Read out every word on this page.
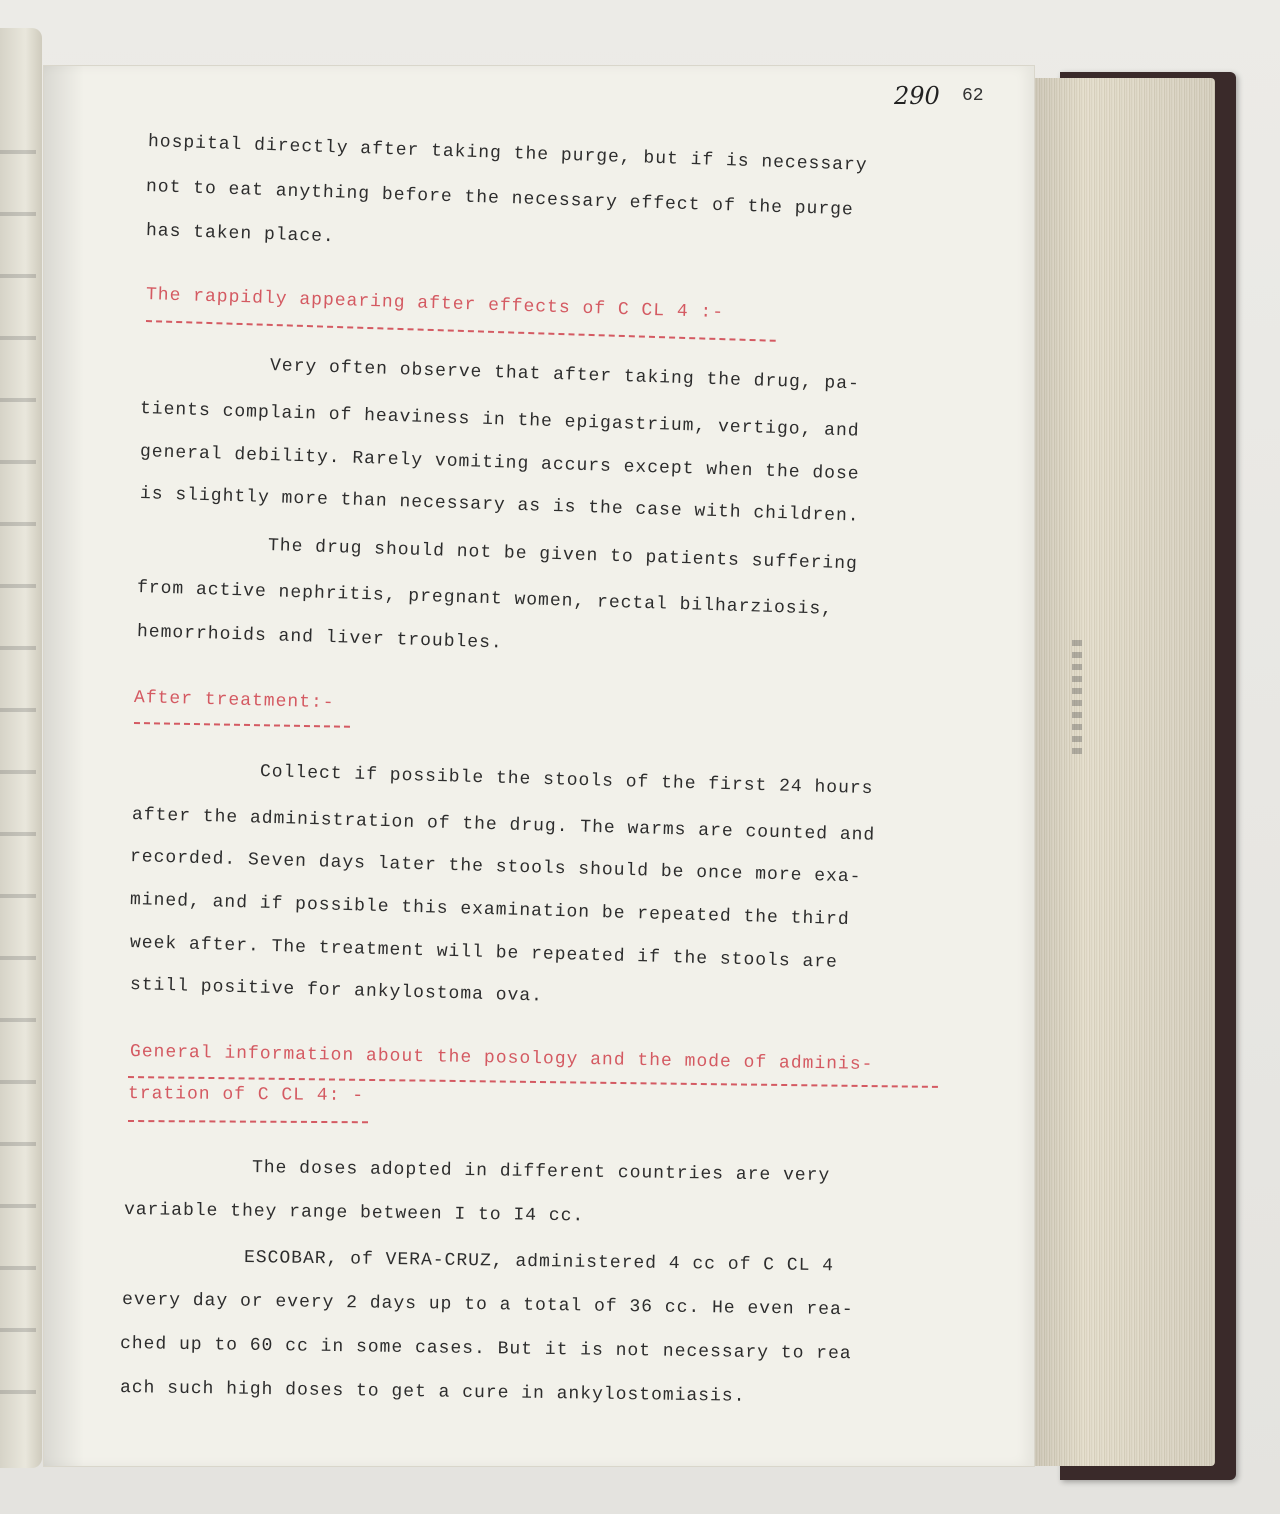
290 62
hospital directly after taking the purge, but if is necessary
not to eat anything before the necessary effect of the purge
has taken place.
The rappidly appearing after effects of C CL 4 :-
Very often observe that after taking the drug, pa-
tients complain of heaviness in the epigastrium, vertigo, and
general debility. Rarely vomiting accurs except when the dose
is slightly more than necessary as is the case with children.
The drug should not be given to patients suffering
from active nephritis, pregnant women, rectal bilharziosis,
hemorrhoids and liver troubles.
After treatment:-
Collect if possible the stools of the first 24 hours
after the administration of the drug. The warms are counted and
recorded. Seven days later the stools should be once more exa-
mined, and if possible this examination be repeated the third
week after. The treatment will be repeated if the stools are
still positive for ankylostoma ova.
General information about the posology and the mode of adminis-
tration of C CL 4: -
The doses adopted in different countries are very
variable they range between I to I4 cc.
ESCOBAR, of VERA-CRUZ, administered 4 cc of C CL 4
every day or every 2 days up to a total of 36 cc. He even rea-
ched up to 60 cc in some cases. But it is not necessary to rea
ach such high doses to get a cure in ankylostomiasis.
